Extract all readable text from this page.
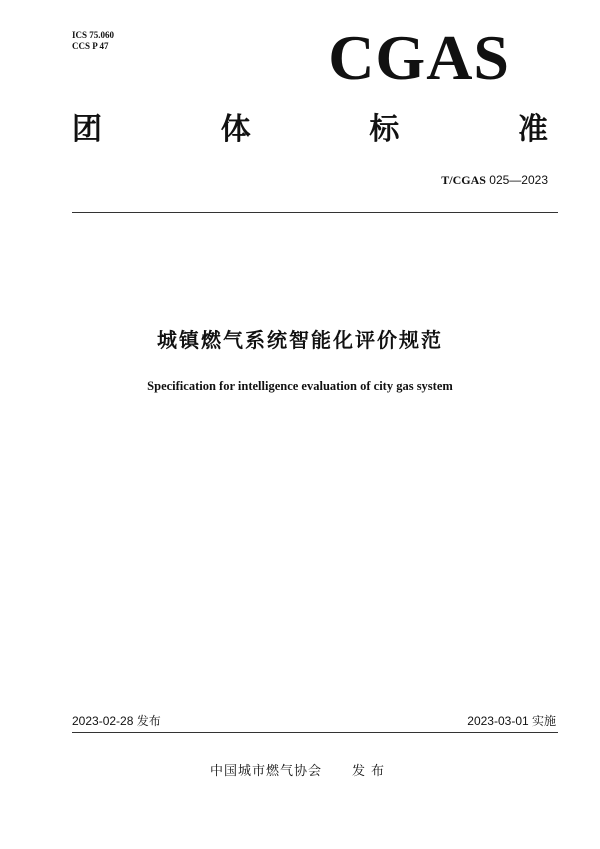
ICS 75.060
CCS P 47	CGAS
团	体	标	准
T/CGAS 025—2023
城镇燃气系统智能化评价规范
Specification for intelligence evaluation of city gas system
2023-02-28 发布	2023-03-01 实施
中国城市燃气协会 发布
